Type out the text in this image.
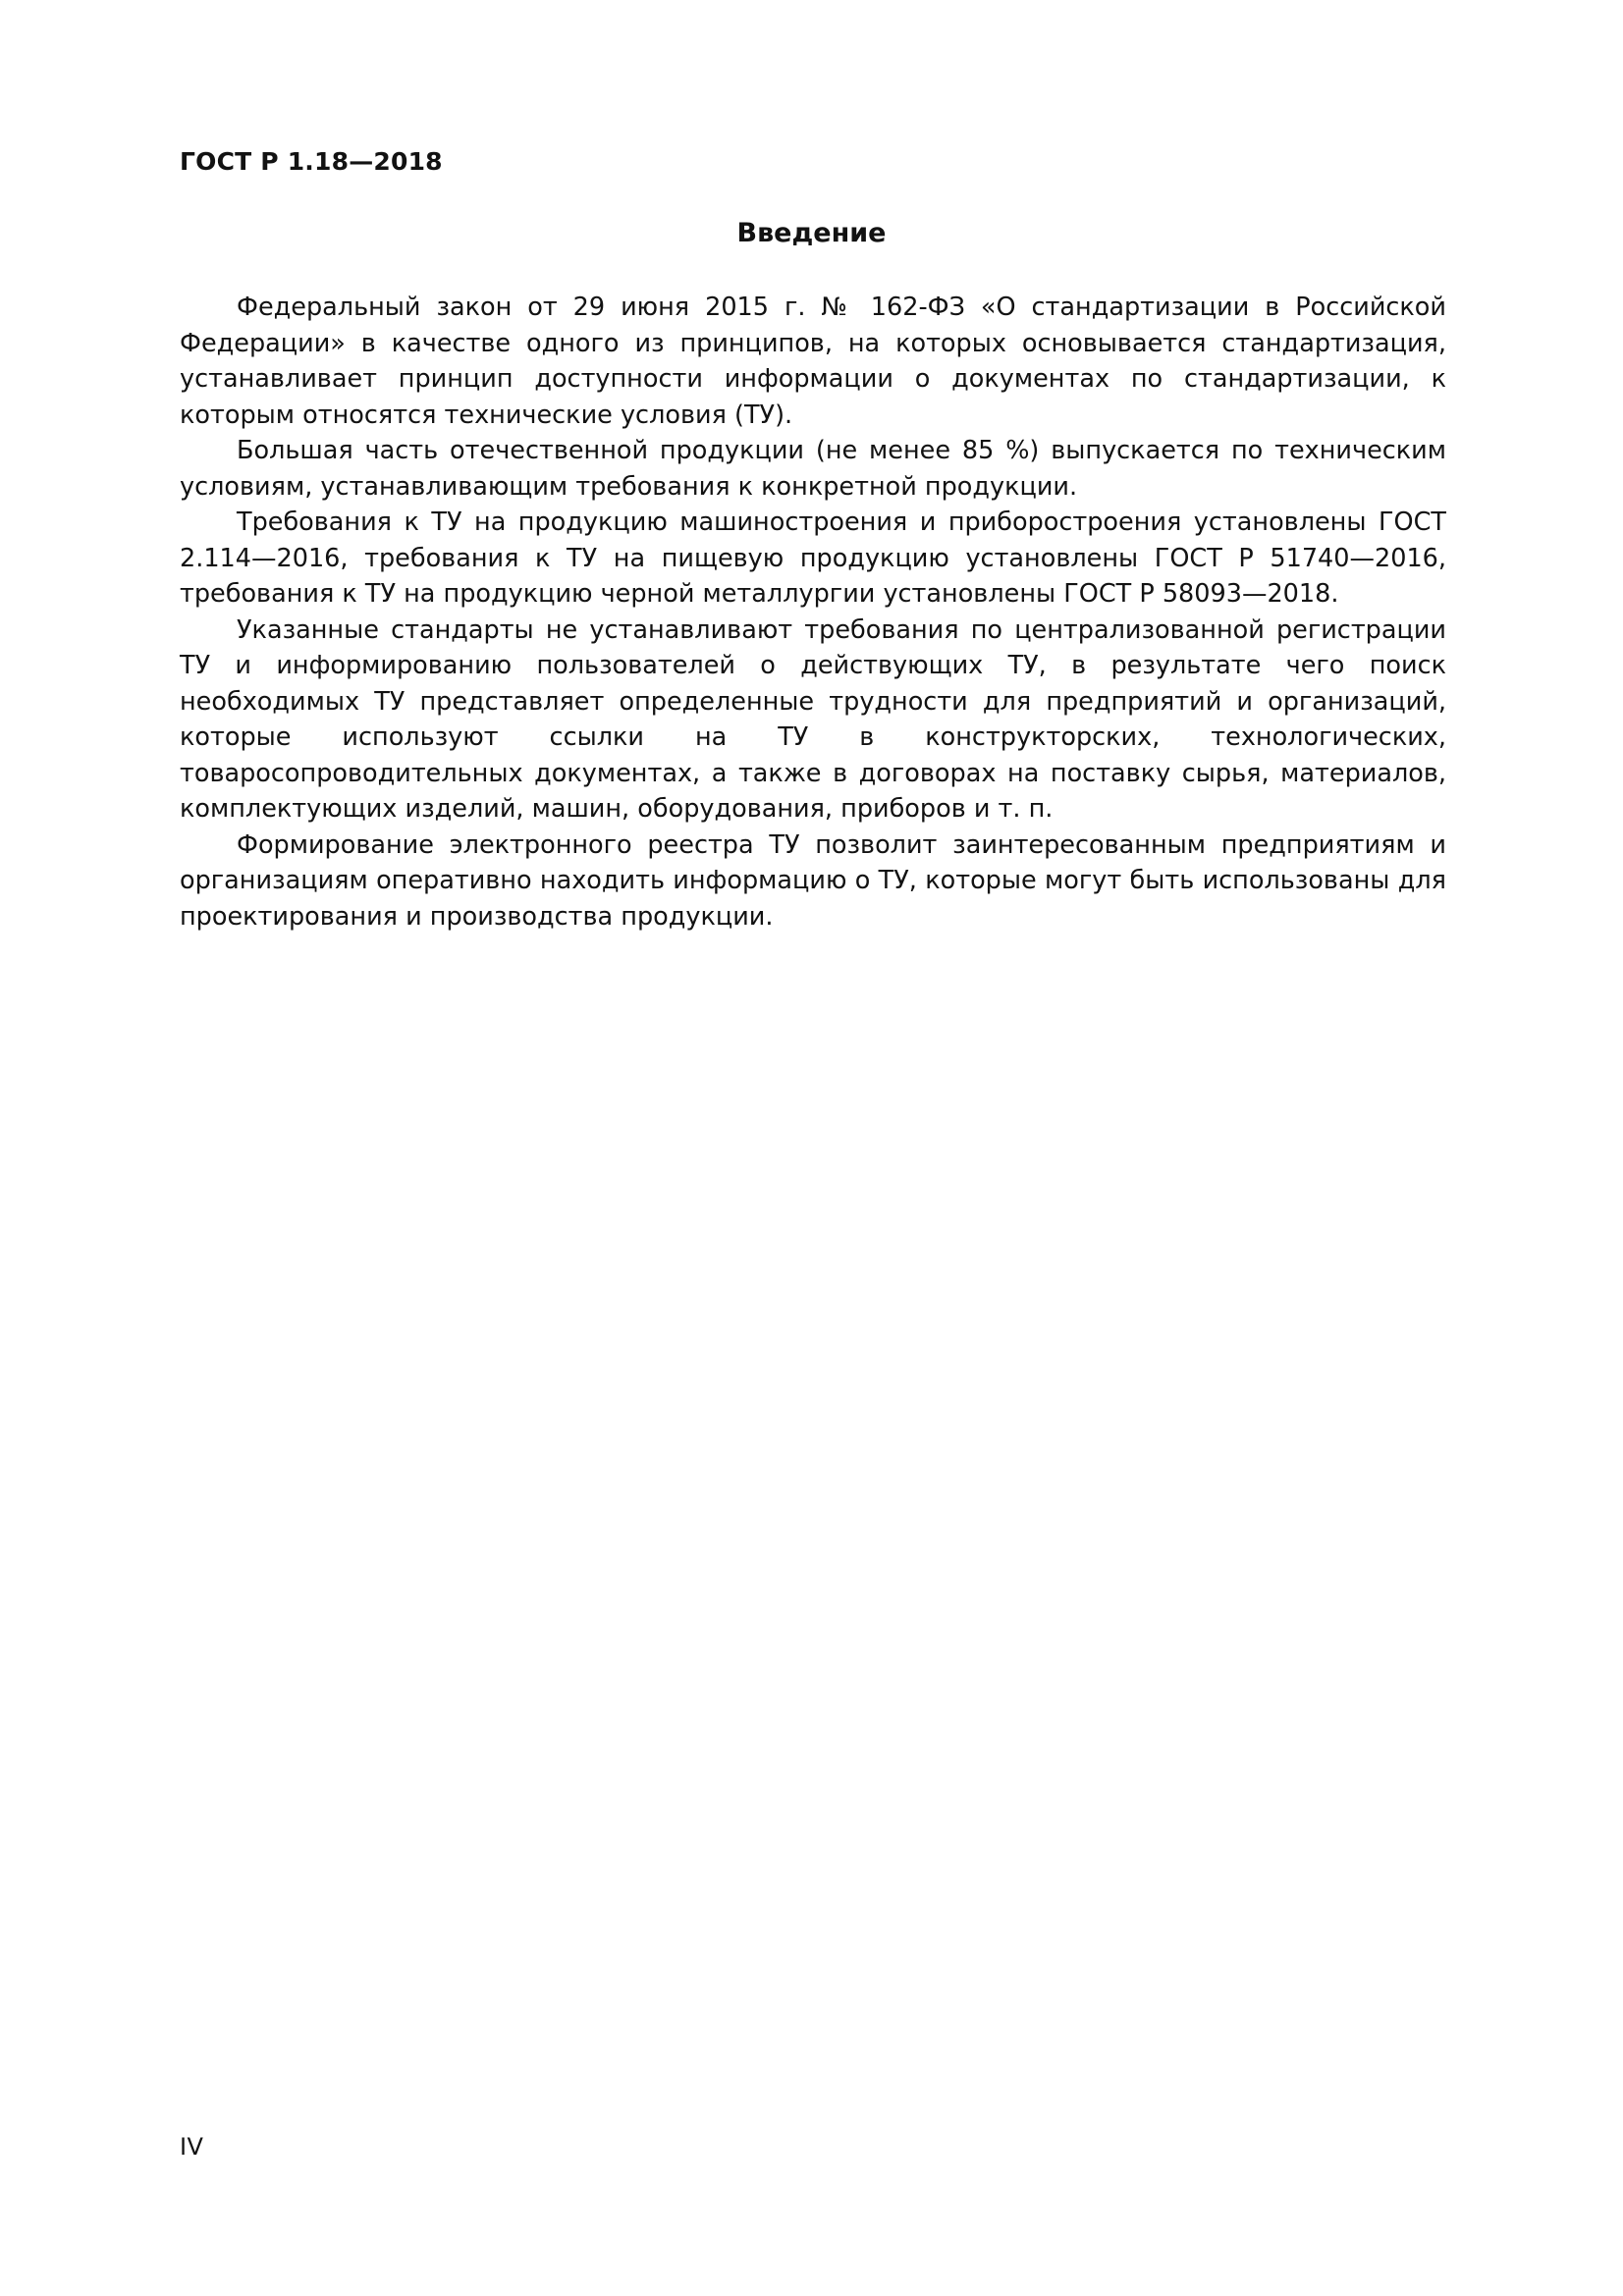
ГОСТ Р 1.18—2018
Введение

Федеральный закон от 29 июня 2015 г. № 162-ФЗ «О стандартизации в Российской Федерации» в качестве одного из принципов, на которых основывается стандартизация, устанавливает принцип доступности информации о документах по стандартизации, к которым относятся технические условия (ТУ).

Большая часть отечественной продукции (не менее 85 %) выпускается по техническим условиям, устанавливающим требования к конкретной продукции.

Требования к ТУ на продукцию машиностроения и приборостроения установлены ГОСТ 2.114—2016, требования к ТУ на пищевую продукцию установлены ГОСТ Р 51740—2016, требования к ТУ на продукцию черной металлургии установлены ГОСТ Р 58093—2018.

Указанные стандарты не устанавливают требования по централизованной регистрации ТУ и информированию пользователей о действующих ТУ, в результате чего поиск необходимых ТУ представляет определенные трудности для предприятий и организаций, которые используют ссылки на ТУ в конструкторских, технологических, товаросопроводительных документах, а также в договорах на поставку сырья, материалов, комплектующих изделий, машин, оборудования, приборов и т. п.

Формирование электронного реестра ТУ позволит заинтересованным предприятиям и организациям оперативно находить информацию о ТУ, которые могут быть использованы для проектирования и производства продукции.

IV
